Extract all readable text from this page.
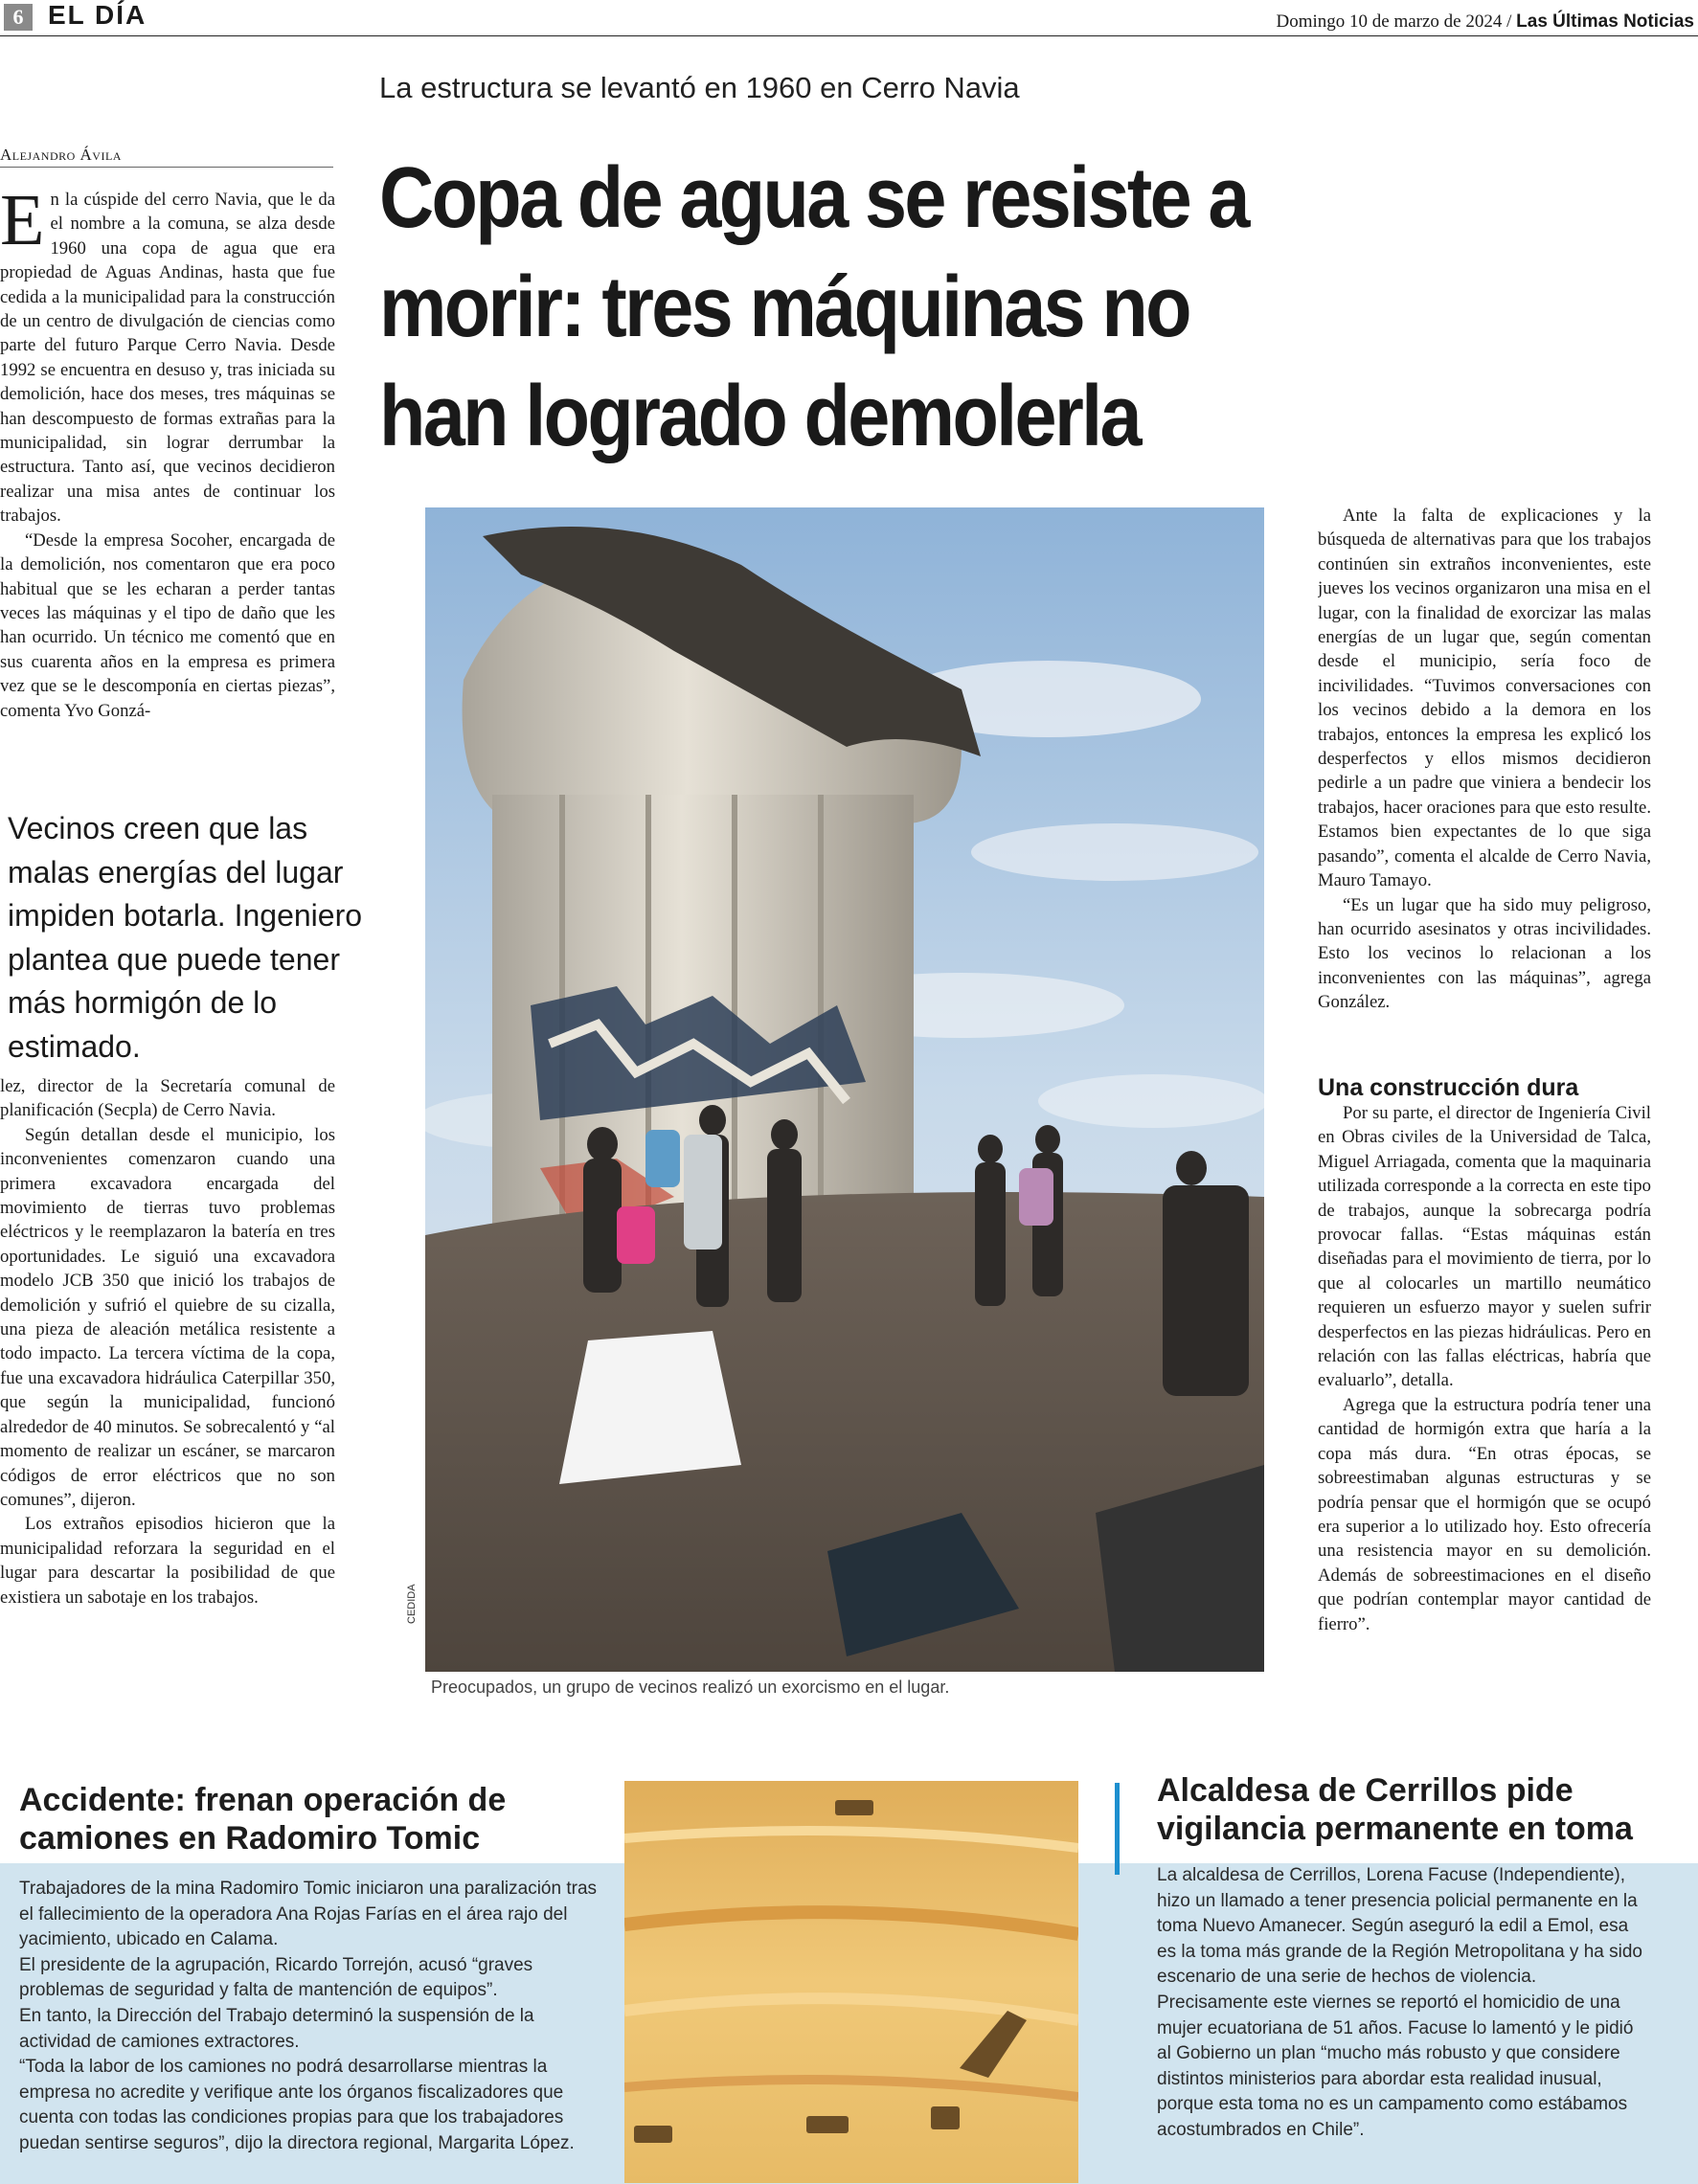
6 EL DÍA	Domingo 10 de marzo de 2024 / Las Últimas Noticias
La estructura se levantó en 1960 en Cerro Navia
Alejandro Ávila	Copa de agua se resiste a
morir: tres máquinas no
han logrado demolerla

En la cúspide del cerro Navia, que le da el nombre a la comuna, se alza desde 1960 una copa de agua que era propiedad de Aguas Andinas, hasta que fue cedida a la municipalidad para la construcción de un centro de divulgación de ciencias como parte del futuro Parque Cerro Navia. Desde 1992 se encuentra en desuso y, tras iniciada su demolición, hace dos meses, tres máquinas se han descompuesto de formas extrañas para la municipalidad, sin lograr derrumbar la estructura. Tanto así, que vecinos decidieron realizar una misa antes de continuar los trabajos.

“Desde la empresa Socoher, encargada de la demolición, nos comentaron que era poco habitual que se les echaran a perder tantas veces las máquinas y el tipo de daño que les han ocurrido. Un técnico me comentó que en sus cuarenta años en la empresa es primera vez que se le descomponía en ciertas piezas”, comenta Yvo Gonzá-

Vecinos creen que las malas energías del lugar impiden botarla. Ingeniero plantea que puede tener más hormigón de lo estimado.

lez, director de la Secretaría comunal de planificación (Secpla) de Cerro Navia.

Según detallan desde el municipio, los inconvenientes comenzaron cuando una primera excavadora encargada del movimiento de tierras tuvo problemas eléctricos y le reemplazaron la batería en tres oportunidades. Le siguió una excavadora modelo JCB 350 que inició los trabajos de demolición y sufrió el quiebre de su cizalla, una pieza de aleación metálica resistente a todo impacto. La tercera víctima de la copa, fue una excavadora hidráulica Caterpillar 350, que según la municipalidad, funcionó alrededor de 40 minutos. Se sobrecalentó y “al momento de realizar un escáner, se marcaron códigos de error eléctricos que no son comunes”, dijeron.

Los extraños episodios hicieron que la municipalidad reforzara la seguridad en el lugar para descartar la posibilidad de que existiera un sabotaje en los trabajos.	CEDIDA
Preocupados, un grupo de vecinos realizó un exorcismo en el lugar.

Ante la falta de explicaciones y la búsqueda de alternativas para que los trabajos continúen sin extraños inconvenientes, este jueves los vecinos organizaron una misa en el lugar, con la finalidad de exorcizar las malas energías de un lugar que, según comentan desde el municipio, sería foco de incivilidades. “Tuvimos conversaciones con los vecinos debido a la demora en los trabajos, entonces la empresa les explicó los desperfectos y ellos mismos decidieron pedirle a un padre que viniera a bendecir los trabajos, hacer oraciones para que esto resulte. Estamos bien expectantes de lo que siga pasando”, comenta el alcalde de Cerro Navia, Mauro Tamayo.

“Es un lugar que ha sido muy peligroso, han ocurrido asesinatos y otras incivilidades. Esto los vecinos lo relacionan a los inconvenientes con las máquinas”, agrega González.

Una construcción dura

Por su parte, el director de Ingeniería Civil en Obras civiles de la Universidad de Talca, Miguel Arriagada, comenta que la maquinaria utilizada corresponde a la correcta en este tipo de trabajos, aunque la sobrecarga podría provocar fallas. “Estas máquinas están diseñadas para el movimiento de tierra, por lo que al colocarles un martillo neumático requieren un esfuerzo mayor y suelen sufrir desperfectos en las piezas hidráulicas. Pero en relación con las fallas eléctricas, habría que evaluarlo”, detalla.

Agrega que la estructura podría tener una cantidad de hormigón extra que haría a la copa más dura. “En otras épocas, se sobreestimaban algunas estructuras y se podría pensar que el hormigón que se ocupó era superior a lo utilizado hoy. Esto ofrecería una resistencia mayor en su demolición. Además de sobreestimaciones en el diseño que podrían contemplar mayor cantidad de fierro”.

Accidente: frenan operación de camiones en Radomiro Tomic

Trabajadores de la mina Radomiro Tomic iniciaron una paralización tras el fallecimiento de la operadora Ana Rojas Farías en el área rajo del yacimiento, ubicado en Calama.

El presidente de la agrupación, Ricardo Torrejón, acusó “graves problemas de seguridad y falta de mantención de equipos”.

En tanto, la Dirección del Trabajo determinó la suspensión de la actividad de camiones extractores.

“Toda la labor de los camiones no podrá desarrollarse mientras la empresa no acredite y verifique ante los órganos fiscalizadores que cuenta con todas las condiciones propias para que los trabajadores puedan sentirse seguros”, dijo la directora regional, Margarita López.

Alcaldesa de Cerrillos pide vigilancia permanente en toma

La alcaldesa de Cerrillos, Lorena Facuse (Independiente), hizo un llamado a tener presencia policial permanente en la toma Nuevo Amanecer. Según aseguró la edil a Emol, esa es la toma más grande de la Región Metropolitana y ha sido escenario de una serie de hechos de violencia.

Precisamente este viernes se reportó el homicidio de una mujer ecuatoriana de 51 años. Facuse lo lamentó y le pidió al Gobierno un plan “mucho más robusto y que considere distintos ministerios para abordar esta realidad inusual, porque esta toma no es un campamento como estábamos acostumbrados en Chile”.
